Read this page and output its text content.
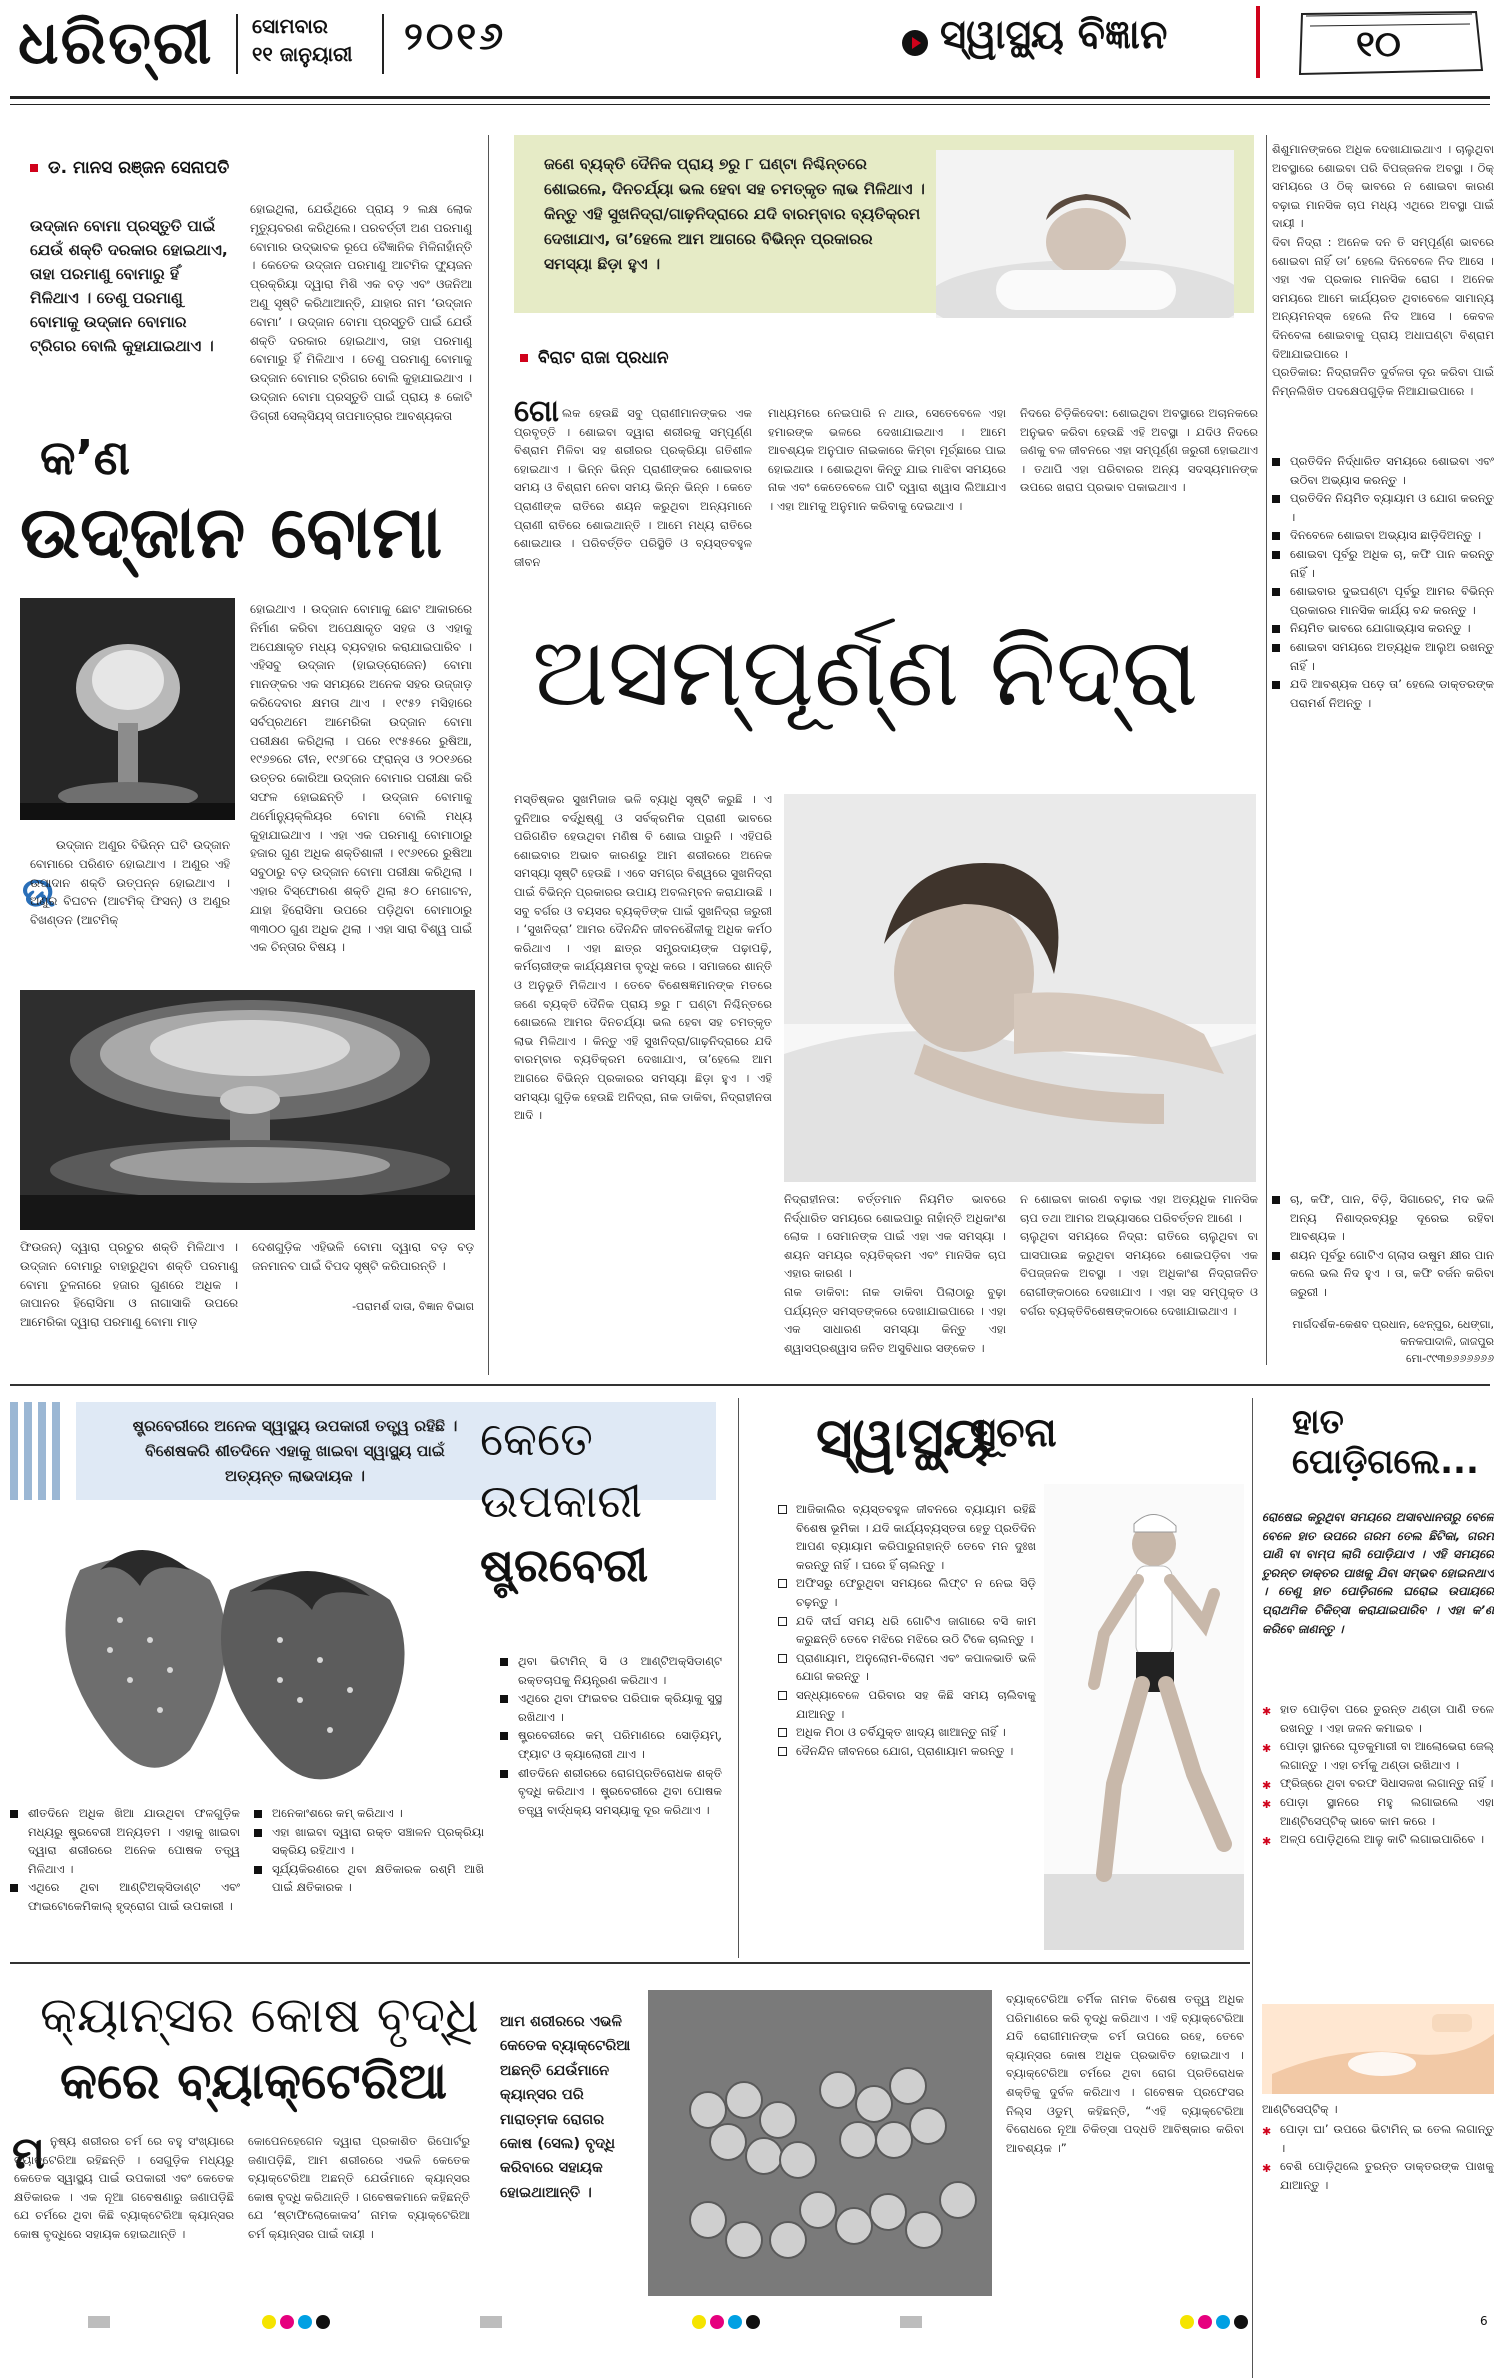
ଧରିତ୍ରୀ ସୋମବାର
୧୧ ଜାନୁୟାରୀ ୨୦୧୬	ସ୍ୱାସ୍ଥ୍ୟ ବିଜ୍ଞାନ	୧୦
ଡ. ମାନସ ରଞ୍ଜନ ସେନାପତି
ଉଦ୍‌ଜାନ ବୋମା ପ୍ରସ୍ତୁତି ପାଇଁ ଯେଉଁ ଶକ୍ତି ଦରକାର ହୋଇଥାଏ, ତାହା ପରମାଣୁ ବୋମାରୁ ହିଁ ମିଳିଥାଏ । ତେଣୁ ପରମାଣୁ ବୋମାକୁ ଉଦ୍‌ଜାନ ବୋମାର ଟ୍ରିଗର ବୋଲି କୁହାଯାଇଥାଏ ।
ହୋଇଥିଲା, ଯେଉଁଥିରେ ପ୍ରାୟ ୨ ଲକ୍ଷ ଲୋକ ମୃତ୍ୟୁବରଣ କରିଥିଲେ। ପରବର୍ତ୍ତୀ ଅଣ ପରମାଣୁ ବୋମାର ଉଦ୍ଭାବକ ରୂପେ ବୈଜ୍ଞାନିକ ମିଳିନାହାଁନ୍ତି । କେତେକ ଉଦ୍‌ଜାନ ପରମାଣୁ ଆଟମିକ ଫ୍ୟୁଜନ ପ୍ରକ୍ରିୟା ଦ୍ୱାରା ମିଶି ଏକ ବଡ଼ ଏବଂ ଓଜନିଆ ଅଣୁ ସୃଷ୍ଟି କରିଥାଆନ୍ତି, ଯାହାର ନାମ ‘ଉଦ୍‌ଜାନ ବୋମା’ । ଉଦ୍‌ଜାନ ବୋମା ପ୍ରସ୍ତୁତି ପାଇଁ ଯେଉଁ ଶକ୍ତି ଦରକାର ହୋଇଥାଏ, ତାହା ପରମାଣୁ ବୋମାରୁ ହିଁ ମିଳିଥାଏ । ତେଣୁ ପରମାଣୁ ବୋମାକୁ ଉଦ୍‌ଜାନ ବୋମାର ଟ୍ରିଗର ବୋଲି କୁହାଯାଇଥାଏ । ଉଦ୍‌ଜାନ ବୋମା ପ୍ରସ୍ତୁତି ପାଇଁ ପ୍ରାୟ ୫ କୋଟି ଡିଗ୍ରୀ ସେଲ୍‌ସିୟସ୍ ତାପମାତ୍ରାର ଆବଶ୍ୟକତା
କ’ଣ
ଉଦ୍‌ଜାନ ବୋମା
ହୋଇଥାଏ । ଉଦ୍‌ଜାନ ବୋମାକୁ ଛୋଟ ଆକାରରେ ନିର୍ମାଣ କରିବା ଅପେକ୍ଷାକୃତ ସହଜ ଓ ଏହାକୁ ଅପେକ୍ଷାକୃତ ମଧ୍ୟ ବ୍ୟବହାର କରାଯାଇପାରିବ । ଏହିସବୁ ଉଦ୍‌ଜାନ (ହାଇଡ୍ରୋଜେନ) ବୋମା ମାନଙ୍କର ଏକ ସମୟରେ ଅନେକ ସହର ଉଜ୍ଜାଡ଼ କରିଦେବାର କ୍ଷମତା ଥାଏ । ୧୯୫୨ ମସିହାରେ ସର୍ବପ୍ରଥମେ ଆମେରିକା ଉଦ୍‌ଜାନ ବୋମା ପରୀକ୍ଷଣ କରିଥିଲା । ପରେ ୧୯୫୫ରେ ରୁଷିଆ, ୧୯୬୭ରେ ଚୀନ, ୧୯୬୮ରେ ଫ୍ରାନ୍ସ ଓ ୨୦୧୬ରେ ଉତ୍ତର କୋରିଆ ଉଦ୍‌ଜାନ ବୋମାର ପରୀକ୍ଷା କରି ସଫଳ ହୋଇଛନ୍ତି । ଉଦ୍‌ଜାନ ବୋମାକୁ ଥର୍ମୋନ୍ୟୁକ୍ଲିୟର ବୋମା ବୋଲି ମଧ୍ୟ କୁହାଯାଇଥାଏ । ଏହା ଏକ ପରମାଣୁ ବୋମାଠାରୁ ହଜାର ଗୁଣ ଅଧିକ ଶକ୍ତିଶାଳୀ । ୧୯୬୧ରେ ରୁଷିଆ ସବୁଠାରୁ ବଡ଼ ଉଦ୍‌ଜାନ ବୋମା ପରୀକ୍ଷା କରିଥିଲା । ଏହାର ବିସ୍ଫୋରଣ ଶକ୍ତି ଥିଲା ୫୦ ମେଗାଟନ, ଯାହା ହିରୋସିମା ଉପରେ ପଡ଼ିଥିବା ବୋମାଠାରୁ ୩୩୦୦ ଗୁଣ ଅଧିକ ଥିଲା । ଏହା ସାରା ବିଶ୍ୱ ପାଇଁ ଏକ ଚିନ୍ତାର ବିଷୟ ।
ଉ
ଉଦ୍‌ଜାନ ଅଣୁର ବିଭିନ୍ନ ଘଟି ଉଦ୍‌ଜାନ ବୋମାରେ ପରିଣତ ହୋଇଥାଏ । ଅଣୁର ଏହି ଉପାଦାନ ଶକ୍ତି ଉତ୍ପନ୍ନ ହୋଇଥାଏ । ଅଣୁର ବିଘଟନ (ଆଟମିକ୍ ଫିସନ୍) ଓ ଅଣୁର ବିଖଣ୍ଡନ (ଆଟମିକ୍
ଫିଉଜନ୍) ଦ୍ୱାରା ପ୍ରଚୁର ଶକ୍ତି ମିଳିଥାଏ । ଉଦ୍‌ଜାନ ବୋମାରୁ ବାହାରୁଥିବା ଶକ୍ତି ପରମାଣୁ ବୋମା ତୁଳନାରେ ହଜାର ଗୁଣରେ ଅଧିକ । ଜାପାନର ହିରୋସିମା ଓ ନାଗାସାକି ଉପରେ ଆମେରିକା ଦ୍ୱାରା ପରମାଣୁ ବୋମା ମାଡ଼
ଦେଶଗୁଡ଼ିକ ଏହିଭଳି ବୋମା ଦ୍ୱାରା ବଡ଼ ବଡ଼ ଜନମାନବ ପାଇଁ ବିପଦ ସୃଷ୍ଟି କରିପାରନ୍ତି ।
-ପରାମର୍ଶ ଦାତା, ବିଜ୍ଞାନ ବିଭାଗ
ଜଣେ ବ୍ୟକ୍ତି ଦୈନିକ ପ୍ରାୟ ୭ରୁ ୮ ଘଣ୍ଟା ନିଶ୍ଚିନ୍ତରେ ଶୋଇଲେ, ଦିନଚର୍ଯ୍ୟା ଭଲ ହେବା ସହ ଚମତ୍କୃତ ଲାଭ ମିଳିଥାଏ । କିନ୍ତୁ ଏହି ସୁଖନିଦ୍ରା/ଗାଢ଼ନିଦ୍ରାରେ ଯଦି ବାରମ୍ବାର ବ୍ୟତିକ୍ରମ ଦେଖାଯାଏ, ତା’ହେଲେ ଆମ ଆଗରେ ବିଭିନ୍ନ ପ୍ରକାରର ସମସ୍ୟା ଛିଡ଼ା ହୁଏ ।
ବିରାଟ ରାଜା ପ୍ରଧାନ
ଗୋ ଲକ ହେଉଛି ସବୁ ପ୍ରାଣୀମାନଙ୍କର ଏକ ପ୍ରବୃତ୍ତି । ଶୋଇବା ଦ୍ୱାରା ଶରୀରକୁ ସମ୍ପୂର୍ଣ୍ଣ ବିଶ୍ରାମ ମିଳିବା ସହ ଶରୀରର ପ୍ରକ୍ରିୟା ଗତିଶୀଳ ହୋଇଥାଏ । ଭିନ୍ନ ଭିନ୍ନ ପ୍ରାଣୀଙ୍କର ଶୋଇବାର ସମୟ ଓ ବିଶ୍ରାମ ନେବା ସମୟ ଭିନ୍ନ ଭିନ୍ନ । କେତେ ପ୍ରାଣୀଙ୍କ ରାତିରେ ଶୟନ କରୁଥିବା ଅନ୍ୟମାନେ ପ୍ରାଣୀ ରାତିରେ ଶୋଇଥାନ୍ତି । ଆମେ ମଧ୍ୟ ରାତିରେ ଶୋଇଥାଉ । ପରିବର୍ତ୍ତିତ ପରିସ୍ଥିତି ଓ ବ୍ୟସ୍ତବହୁଳ ଜୀବନ
ମାଧ୍ୟମରେ ନେଇପାରି ନ ଥାଉ, ସେତେବେଳେ ଏହା ହମାରଙ୍କ ଭଳରେ ଦେଖାଯାଇଥାଏ । ଆମେ ଆବଶ୍ୟକ ଅନୁପାତ ନାଇକାରେ କିମ୍ବା ମୂର୍ଚ୍ଛାରେ ପାଇ ହୋଇଥାଉ । ଶୋଇଥିବା କିନ୍ତୁ ଯାଇ ମାଝିବା ସମୟରେ ନାକ ଏବଂ କେତେବେଳେ ପାଟି ଦ୍ୱାରା ଶ୍ୱାସ ଲିଆଯାଏ । ଏହା ଆମକୁ ଅନୁମାନ କରିବାକୁ ଦେଇଥାଏ ।
ନିଦରେ ଚିଡ଼ିକିଦେବା: ଶୋଇଥିବା ଅବସ୍ଥାରେ ଅଚାନକରେ ଅନୁଭବ କରିବା ହେଉଛି ଏହି ଅବସ୍ଥା । ଯଦିଓ ନିଦରେ ଜଣକୁ ବଳ ଜୀବନରେ ଏହା ସମ୍ପୂର୍ଣ୍ଣ ଜରୁରୀ ହୋଇଥାଏ । ତଥାପି ଏହା ପରିବାରର ଅନ୍ୟ ସଦସ୍ୟମାନଙ୍କ ଉପରେ ଖରାପ ପ୍ରଭାବ ପକାଇଥାଏ ।
ଅସମ୍ପୂର୍ଣ୍ଣ ନିଦ୍ରା
ମସ୍ତିଷ୍କର ସୁଖମିଜାଜ ଭଳି ବ୍ୟାଧି ସୃଷ୍ଟି କରୁଛି । ଏ ଦୁନିଆର ବର୍ଦ୍ଧିଷ୍ଣୁ ଓ ସର୍ବକ୍ରମିକ ପ୍ରାଣୀ ଭାବରେ ପରିଗଣିତ ହେଉଥିବା ମଣିଷ ବି ଶୋଇ ପାରୁନି । ଏହିପରି ଶୋଇବାର ଅଭାବ କାରଣରୁ ଆମ ଶରୀରରେ ଅନେକ ସମସ୍ୟା ସୃଷ୍ଟି ହେଉଛି । ଏବେ ସମଗ୍ର ବିଶ୍ୱରେ ସୁଖନିଦ୍ରା ପାଇଁ ବିଭିନ୍ନ ପ୍ରକାରର ଉପାୟ ଅବଲମ୍ବନ କରାଯାଉଛି । ସବୁ ବର୍ଗର ଓ ବୟସର ବ୍ୟକ୍ତିଙ୍କ ପାଇଁ ସୁଖନିଦ୍ରା ଜରୁରୀ । ‘ସୁଖନିଦ୍ରା’ ଆମର ଦୈନନ୍ଦିନ ଜୀବନଶୈଳୀକୁ ଅଧିକ କର୍ମଠ କରିଥାଏ । ଏହା ଛାତ୍ର ସମ୍ପ୍ରଦାୟଙ୍କ ପଢ଼ାପଢ଼ି, କର୍ମଚାରୀଙ୍କ କାର୍ଯ୍ୟକ୍ଷମତା ବୃଦ୍ଧି କରେ । ସମାଜରେ ଶାନ୍ତି ଓ ଅନୁଭୂତି ମିଳିଥାଏ । ତେବେ ବିଶେଷଜ୍ଞମାନଙ୍କ ମତରେ ଜଣେ ବ୍ୟକ୍ତି ଦୈନିକ ପ୍ରାୟ ୭ରୁ ୮ ଘଣ୍ଟା ନିଶ୍ଚିନ୍ତରେ ଶୋଇଲେ ଆମର ଦିନଚର୍ଯ୍ୟା ଭଲ ହେବା ସହ ଚମତ୍କୃତ ଲାଭ ମିଳିଥାଏ । କିନ୍ତୁ ଏହି ସୁଖନିଦ୍ରା/ଗାଢ଼ନିଦ୍ରାରେ ଯଦି ବାରମ୍ବାର ବ୍ୟତିକ୍ରମ ଦେଖାଯାଏ, ତା’ହେଲେ ଆମ ଆଗରେ ବିଭିନ୍ନ ପ୍ରକାରର ସମସ୍ୟା ଛିଡ଼ା ହୁଏ । ଏହି ସମସ୍ୟା ଗୁଡ଼ିକ ହେଉଛି ଅନିଦ୍ରା, ନାକ ଡାକିବା, ନିଦ୍ରାହୀନତା ଆଦି ।
ଶିଶୁମାନଙ୍କରେ ଅଧିକ ଦେଖାଯାଇଥାଏ । ଚାଲୁଥିବା ଅବସ୍ଥାରେ ଶୋଇବା ପରି ବିପଜ୍ଜନକ ଅବସ୍ଥା । ଠିକ୍ ସମୟରେ ଓ ଠିକ୍ ଭାବରେ ନ ଶୋଇବା କାରଣ ବଢ଼ାଇ ମାନସିକ ଚାପ ମଧ୍ୟ ଏଥିରେ ଅବସ୍ଥା ପାଇଁ ଦାୟୀ ।
ଦିବା ନିଦ୍ରା : ଅନେକ ଦନ ତି ସମ୍ପୂର୍ଣ୍ଣ ଭାବରେ ଶୋଇବା ନାହିଁ ଡା’ ହେଲେ ଦିନବେଳେ ନିଦ ଆସେ । ଏହା ଏକ ପ୍ରକାର ମାନସିକ ରୋଗ । ଅନେକ ସମୟରେ ଆମେ କାର୍ଯ୍ୟରତ ଥିବାବେଳେ ସାମାନ୍ୟ ଅନ୍ୟମନସ୍କ ହେଲେ ନିଦ ଆସେ । କେବଳ ଦିନବେଳା ଶୋଇବାକୁ ପ୍ରାୟ ଅଧାଘଣ୍ଟା ବିଶ୍ରାମ ଦିଆଯାଇପାରେ ।
ପ୍ରତିକାର: ନିଦ୍ରାଜନିତ ଦୁର୍ବଳତା ଦୂର କରିବା ପାଇଁ ନିମ୍ନଲିଖିତ ପଦକ୍ଷେପଗୁଡ଼ିକ ନିଆଯାଇପାରେ ।
ପ୍ରତିଦିନ ନିର୍ଦ୍ଧାରିତ ସମୟରେ ଶୋଇବା ଏବଂ ଉଠିବା ଅଭ୍ୟାସ କରନ୍ତୁ ।
ପ୍ରତିଦିନ ନିୟମିତ ବ୍ୟାୟାମ ଓ ଯୋଗ କରନ୍ତୁ ।
ଦିନବେଳେ ଶୋଇବା ଅଭ୍ୟାସ ଛାଡ଼ିଦିଅନ୍ତୁ ।
ଶୋଇବା ପୂର୍ବରୁ ଅଧିକ ଚା, କଫି ପାନ କରନ୍ତୁ ନାହିଁ ।
ଶୋଇବାର ଦୁଇଘଣ୍ଟା ପୂର୍ବରୁ ଆମର ବିଭିନ୍ନ ପ୍ରକାରର ମାନସିକ କାର୍ଯ୍ୟ ବନ୍ଦ କରନ୍ତୁ ।
ନିୟମିତ ଭାବରେ ଯୋଗାଭ୍ୟାସ କରନ୍ତୁ ।
ଶୋଇବା ସମୟରେ ଅତ୍ୟଧିକ ଆଲୁଅ ରଖନ୍ତୁ ନାହିଁ ।
ଯଦି ଆବଶ୍ୟକ ପଡ଼େ ତା’ ହେଲେ ଡାକ୍ତରଙ୍କ ପରାମର୍ଶ ନିଅନ୍ତୁ ।
ନିଦ୍ରାହୀନତା: ବର୍ତ୍ତମାନ ନିୟମିତ ଭାବରେ ନିର୍ଦ୍ଧାରିତ ସମୟରେ ଶୋଇପାରୁ ନାହାଁନ୍ତି ଅଧିକାଂଶ ଲୋକ । ସେମାନଙ୍କ ପାଇଁ ଏହା ଏକ ସମସ୍ୟା । ଶୟନ ସମୟର ବ୍ୟତିକ୍ରମ ଏବଂ ମାନସିକ ଚାପ ଏହାର କାରଣ ।
ନାକ ଡାକିବା: ନାକ ଡାକିବା ପିଲାଠାରୁ ବୁଢ଼ା ପର୍ଯ୍ୟନ୍ତ ସମସ୍ତଙ୍କରେ ଦେଖାଯାଇପାରେ । ଏହା ଏକ ସାଧାରଣ ସମସ୍ୟା କିନ୍ତୁ ଏହା ଶ୍ୱାସପ୍ରଶ୍ୱାସ ଜନିତ ଅସୁବିଧାର ସଙ୍କେତ ।
ନ ଶୋଇବା କାରଣ ବଢ଼ାଇ ଏହା ଅତ୍ୟଧିକ ମାନସିକ ଚାପ ତଥା ଆମର ଅଭ୍ୟାସରେ ପରିବର୍ତ୍ତନ ଆଣେ ।
ଚାଲୁଥିବା ସମୟରେ ନିଦ୍ରା: ରାତିରେ ଚାଲୁଥିବା ବା ଘାସପାଉଛ କରୁଥିବା ସମୟରେ ଶୋଇପଡ଼ିବା ଏକ ବିପଜ୍ଜନକ ଅବସ୍ଥା । ଏହା ଅଧିକାଂଶ ନିଦ୍ରାଜନିତ ରୋଗୀଙ୍କଠାରେ ଦେଖାଯାଏ । ଏହା ସହ ସମ୍ପୃକ୍ତ ଓ ବର୍ଗର ବ୍ୟକ୍ତିବିଶେଷଙ୍କଠାରେ ଦେଖାଯାଇଥାଏ ।
ଚା, କଫି, ପାନ, ବିଡ଼ି, ସିଗାରେଟ୍, ମଦ ଭଳି ଅନ୍ୟ ନିଶାଦ୍ରବ୍ୟରୁ ଦୂରେଇ ରହିବା ଆବଶ୍ୟକ ।
ଶୟନ ପୂର୍ବରୁ ଗୋଟିଏ ଗ୍ଲାସ ଉଷୁମ କ୍ଷୀର ପାନ କଲେ ଭଲ ନିଦ ହୁଏ । ତା, କଫି ବର୍ଜନ କରିବା ଜରୁରୀ ।
ମାର୍ଗଦର୍ଶକ-କେଶବ ପ୍ରଧାନ, ଝେନ୍‌ପୁର, ଧେଙ୍ଗା, କନକପାଦାଳି, ଜାଜପୁର
ମୋ-୯୯୩୭୬୬୬୬୬୬
ଷ୍ଟ୍ରବେରୀରେ ଅନେକ ସ୍ୱାସ୍ଥ୍ୟ ଉପକାରୀ ତତ୍ତ୍ୱ ରହିଛି । ବିଶେଷକରି ଶୀତଦିନେ ଏହାକୁ ଖାଇବା ସ୍ୱାସ୍ଥ୍ୟ ପାଇଁ ଅତ୍ୟନ୍ତ ଲାଭଦାୟକ ।
କେତେ
ଉପକାରୀ
ଷ୍ଟ୍ରବେରୀ
ଶୀତଦିନେ ଅଧିକ ଖିଆ ଯାଉଥିବା ଫଳଗୁଡ଼ିକ ମଧ୍ୟରୁ ଷ୍ଟ୍ରବେରୀ ଅନ୍ୟତମ । ଏହାକୁ ଖାଇବା ଦ୍ୱାରା ଶରୀରରେ ଅନେକ ପୋଷକ ତତ୍ତ୍ୱ ମିଳିଥାଏ ।
ଏଥିରେ ଥିବା ଆଣ୍ଟିଅକ୍ସିଡାଣ୍ଟ ଏବଂ ଫାଇଟୋକେମିକାଲ୍ ହୃଦ୍‌ରୋଗ ପାଇଁ ଉପକାରୀ ।
ଅନେକାଂଶରେ କମ୍ କରିଥାଏ ।
ଏହା ଖାଇବା ଦ୍ୱାରା ରକ୍ତ ସଞ୍ଚାଳନ ପ୍ରକ୍ରିୟା ସକ୍ରିୟ ରହିଥାଏ ।
ସୂର୍ଯ୍ୟକିରଣରେ ଥିବା କ୍ଷତିକାରକ ରଶ୍ମି ଆଖି ପାଇଁ କ୍ଷତିକାରକ ।
ଥିବା ଭିଟାମିନ୍ ସି ଓ ଆଣ୍ଟିଅକ୍ସିଡାଣ୍ଟ ରକ୍ତଚାପକୁ ନିୟନ୍ତ୍ରଣ କରିଥାଏ ।
ଏଥିରେ ଥିବା ଫାଇବର ପରିପାକ କ୍ରିୟାକୁ ସୁସ୍ଥ ରଖିଥାଏ ।
ଷ୍ଟ୍ରବେରୀରେ କମ୍ ପରିମାଣରେ ସୋଡ଼ିୟମ୍, ଫ୍ୟାଟ ଓ କ୍ୟାଲୋରୀ ଥାଏ ।
ଶୀତଦିନେ ଶରୀରରେ ରୋଗପ୍ରତିରୋଧକ ଶକ୍ତି ବୃଦ୍ଧି କରିଥାଏ । ଷ୍ଟ୍ରବେରୀରେ ଥିବା ପୋଷକ ତତ୍ତ୍ୱ ବାର୍ଦ୍ଧକ୍ୟ ସମସ୍ୟାକୁ ଦୂର କରିଥାଏ ।
ସ୍ୱାସ୍ଥ୍ୟ
ସୂଚନା
ଆଜିକାଲିର ବ୍ୟସ୍ତବହୁଳ ଜୀବନରେ ବ୍ୟାୟାମ ରହିଛି ବିଶେଷ ଭୂମିକା । ଯଦି କାର୍ଯ୍ୟବ୍ୟସ୍ତତା ହେତୁ ପ୍ରତିଦିନ ଆପଣ ବ୍ୟାୟାମ କରିପାରୁନାହାନ୍ତି ତେବେ ମନ ଦୁଃଖ କରନ୍ତୁ ନାହିଁ । ଘରେ ହିଁ ଚାଲନ୍ତୁ ।
ଅଫିସରୁ ଫେରୁଥିବା ସମୟରେ ଲିଫ୍ଟ ନ ନେଇ ସିଡ଼ି ଚଢ଼ନ୍ତୁ ।
ଯଦି ଦୀର୍ଘ ସମୟ ଧରି ଗୋଟିଏ ଜାଗାରେ ବସି କାମ କରୁଛନ୍ତି ତେବେ ମଝିରେ ମଝିରେ ଉଠି ଟିକେ ଚାଲନ୍ତୁ ।
ପ୍ରାଣାୟାମ, ଅନୁଲୋମ-ବିଲୋମ ଏବଂ କପାଳଭାତି ଭଳି ଯୋଗ କରନ୍ତୁ ।
ସନ୍ଧ୍ୟାବେଳେ ପରିବାର ସହ କିଛି ସମୟ ଚାଲିବାକୁ ଯାଆନ୍ତୁ ।
ଅଧିକ ମିଠା ଓ ଚର୍ବିଯୁକ୍ତ ଖାଦ୍ୟ ଖାଆନ୍ତୁ ନାହିଁ ।
ଦୈନନ୍ଦିନ ଜୀବନରେ ଯୋଗ, ପ୍ରାଣାୟାମ କରନ୍ତୁ ।
ହାତ
ପୋଡ଼ିଗଲେ...
ରୋଷେଇ କରୁଥିବା ସମୟରେ ଅସାବଧାନତାରୁ ବେଳେ ବେଳେ ହାତ ଉପରେ ଗରମ ତେଲ ଛିଟିକା, ଗରମ ପାଣି ବା ବାମ୍ପ ଲାଗି ପୋଡ଼ିଯାଏ । ଏହି ସମୟରେ ତୁରନ୍ତ ଡାକ୍ତର ପାଖକୁ ଯିବା ସମ୍ଭବ ହୋଇନଥାଏ । ତେଣୁ ହାତ ପୋଡ଼ିଗଲେ ଘରୋଇ ଉପାୟରେ ପ୍ରାଥମିକ ଚିକିତ୍ସା କରାଯାଇପାରିବ । ଏହା କ’ଣ କରିବେ ଜାଣନ୍ତୁ ।
✱ ହାତ ପୋଡ଼ିବା ପରେ ତୁରନ୍ତ ଥଣ୍ଡା ପାଣି ତଳେ ରଖନ୍ତୁ । ଏହା ଜଳନ କମାଇବ ।
✱ ପୋଡ଼ା ସ୍ଥାନରେ ଘୃତକୁମାରୀ ବା ଆଲୋଭେରା ଜେଲ୍ ଲଗାନ୍ତୁ । ଏହା ଚର୍ମକୁ ଥଣ୍ଡା ରଖିଥାଏ ।
✱ ଫ୍ରିଜ୍‌ରେ ଥିବା ବରଫ ସିଧାସଳଖ ଲଗାନ୍ତୁ ନାହିଁ ।
✱ ପୋଡ଼ା ସ୍ଥାନରେ ମହୁ ଲଗାଇଲେ ଏହା ଆଣ୍ଟିସେପ୍ଟିକ୍ ଭାବେ କାମ କରେ ।
✱ ଅଳ୍ପ ପୋଡ଼ିଥିଲେ ଆଳୁ କାଟି ଲଗାଇପାରିବେ ।
ଆଣ୍ଟିସେପ୍ଟିକ୍ ।
✱ ପୋଡ଼ା ଘା’ ଉପରେ ଭିଟାମିନ୍ ଇ ତେଲ ଲଗାନ୍ତୁ ।
✱ ବେଶି ପୋଡ଼ିଥିଲେ ତୁରନ୍ତ ଡାକ୍ତରଙ୍କ ପାଖକୁ ଯାଆନ୍ତୁ ।
କ୍ୟାନ୍‌ସର କୋଷ ବୃଦ୍ଧି
କରେ ବ୍ୟାକ୍ଟେରିଆ
ମ ନୁଷ୍ୟ ଶରୀରର ଚର୍ମ ରେ ବହୁ ସଂଖ୍ୟାରେ ବ୍ୟାକ୍ଟେରିଆ ରହିଛନ୍ତି । ସେଗୁଡ଼ିକ ମଧ୍ୟରୁ କେତେକ ସ୍ୱାସ୍ଥ୍ୟ ପାଇଁ ଉପକାରୀ ଏବଂ କେତେକ କ୍ଷତିକାରକ । ଏକ ନୂଆ ଗବେଷଣାରୁ ଜଣାପଡ଼ିଛି ଯେ ଚର୍ମରେ ଥିବା କିଛି ବ୍ୟାକ୍ଟେରିଆ କ୍ୟାନ୍‌ସର କୋଷ ବୃଦ୍ଧିରେ ସହାୟକ ହୋଇଥାନ୍ତି ।
କୋପେନହେଗେନ ଦ୍ୱାରା ପ୍ରକାଶିତ ରିପୋର୍ଟରୁ ଜଣାପଡ଼ିଛି, ଆମ ଶରୀରରେ ଏଭଳି କେତେକ ବ୍ୟାକ୍ଟେରିଆ ଅଛନ୍ତି ଯେଉଁମାନେ କ୍ୟାନ୍‌ସର କୋଷ ବୃଦ୍ଧି କରିଥାନ୍ତି । ଗବେଷକମାନେ କହିଛନ୍ତି ଯେ ‘ଷ୍ଟାଫିଲୋକୋକସ’ ନାମକ ବ୍ୟାକ୍ଟେରିଆ ଚର୍ମ କ୍ୟାନ୍‌ସର ପାଇଁ ଦାୟୀ ।
ଆମ ଶରୀରରେ ଏଭଳି କେତେକ ବ୍ୟାକ୍ଟେରିଆ ଅଛନ୍ତି ଯେଉଁମାନେ କ୍ୟାନ୍‌ସର ପରି ମାରାତ୍ମକ ରୋଗର କୋଷ (ସେଲ) ବୃଦ୍ଧି କରିବାରେ ସହାୟକ ହୋଇଥାଆନ୍ତି ।
ବ୍ୟାକ୍ଟେରିଆ ଚର୍ମିକ ନାମକ ବିଶେଷ ତତ୍ତ୍ୱ ଅଧିକ ପରିମାଣରେ କରି ବୃଦ୍ଧି କରିଥାଏ । ଏହି ବ୍ୟାକ୍ଟେରିଆ ଯଦି ରୋଗୀମାନଙ୍କ ଚର୍ମ ଉପରେ ରହେ, ତେବେ କ୍ୟାନ୍‌ସର କୋଷ ଅଧିକ ପ୍ରଭାବିତ ହୋଇଥାଏ । ବ୍ୟାକ୍ଟେରିଆ ଚର୍ମରେ ଥିବା ରୋଗ ପ୍ରତିରୋଧକ ଶକ୍ତିକୁ ଦୁର୍ବଳ କରିଥାଏ । ଗବେଷକ ପ୍ରଫେସର ନିଲ୍‌ସ ଓଡୁମ୍ କହିଛନ୍ତି, “ଏହି ବ୍ୟାକ୍ଟେରିଆ ବିରୋଧରେ ନୂଆ ଚିକିତ୍ସା ପଦ୍ଧତି ଆବିଷ୍କାର କରିବା ଆବଶ୍ୟକ ।”
6
